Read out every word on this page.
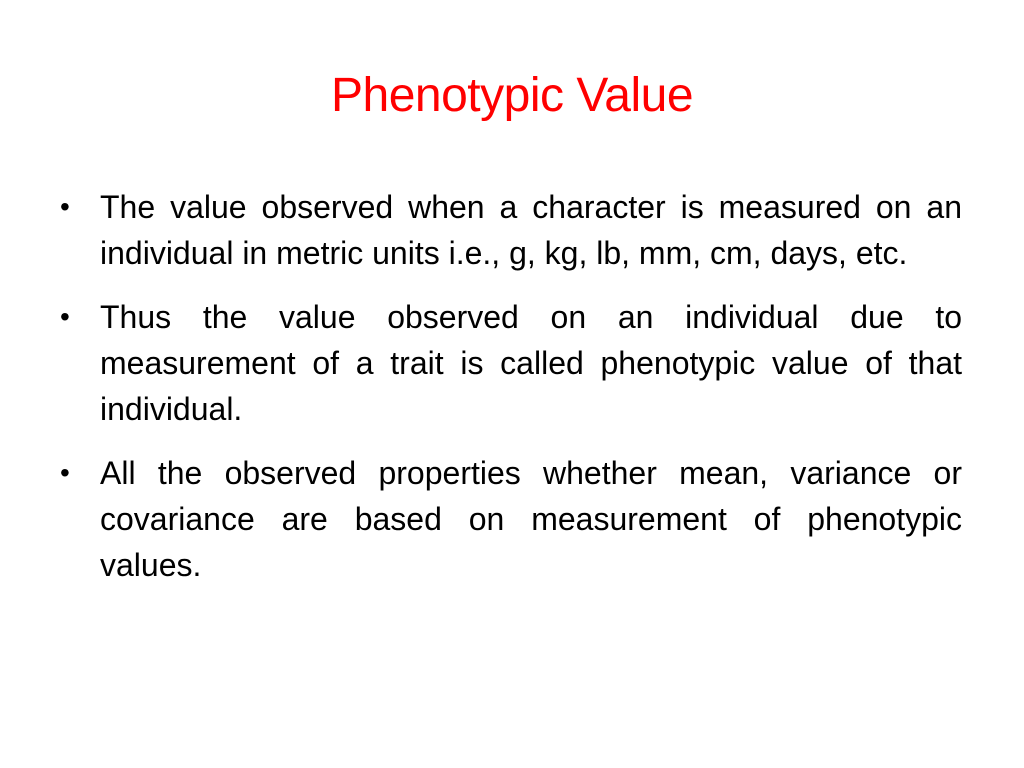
Phenotypic Value
• The value observed when a character is measured on an individual in metric units i.e., g, kg, lb, mm, cm, days, etc.
• Thus the value observed on an individual due to measurement of a trait is called phenotypic value of that individual.
• All the observed properties whether mean, variance or covariance are based on measurement of phenotypic values.
